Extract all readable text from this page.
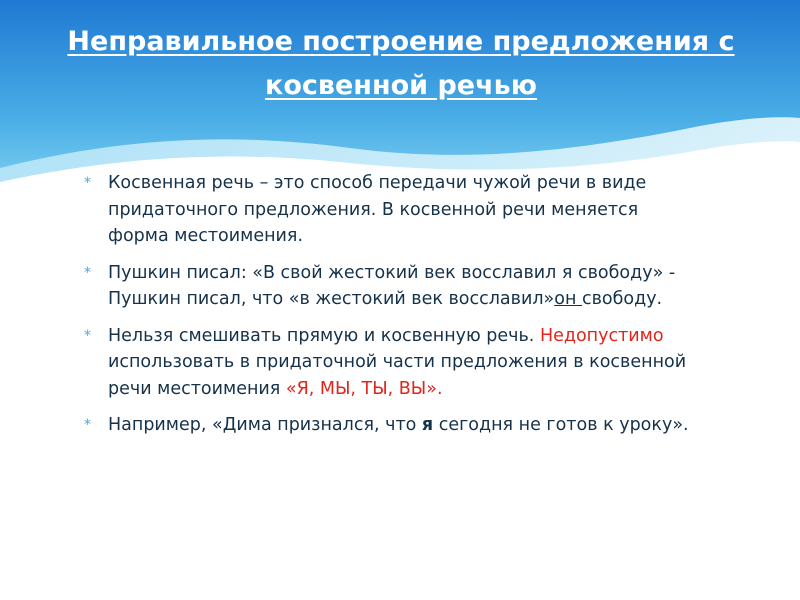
Неправильное построение предложения с косвенной речью
* Косвенная речь – это способ передачи чужой речи в виде придаточного предложения. В косвенной речи меняется форма местоимения.
* Пушкин писал: «В свой жестокий век восславил я свободу» - Пушкин писал, что «в жестокий век восславил»он свободу.
* Нельзя смешивать прямую и косвенную речь. Недопустимо использовать в придаточной части предложения в косвенной речи местоимения «Я, МЫ, ТЫ, ВЫ».
* Например, «Дима признался, что я сегодня не готов к уроку».
